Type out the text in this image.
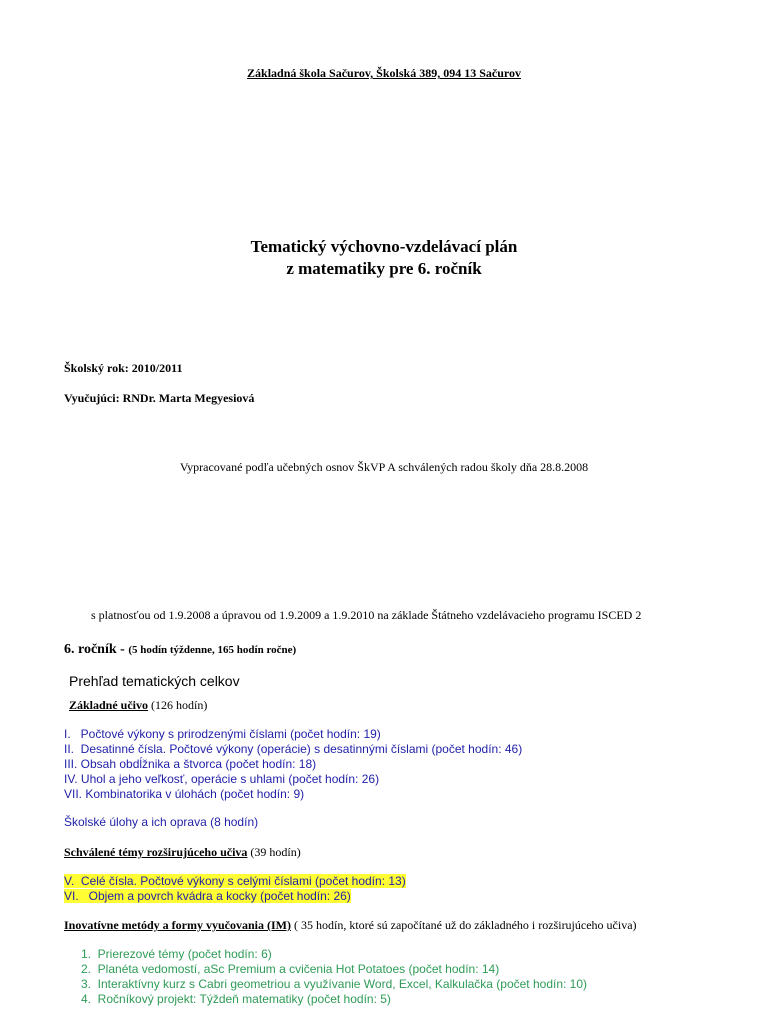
Základná škola Sačurov, Školská 389, 094 13 Sačurov
Tematický výchovno-vzdelávací plán
z matematiky pre 6. ročník
Školský rok: 2010/2011
Vyučujúci: RNDr. Marta Megyesiová
Vypracované podľa učebných osnov ŠkVP A schválených radou školy dňa 28.8.2008
s platnosťou od 1.9.2008 a úpravou od 1.9.2009 a 1.9.2010 na základe Štátneho vzdelávacieho programu ISCED 2
6. ročník - (5 hodín týždenne, 165 hodín ročne)
Prehľad tematických celkov
Základné učivo (126 hodín)
I.   Počtové výkony s prirodzenými číslami (počet hodín: 19)
II.  Desatinné čísla. Počtové výkony (operácie) s desatinnými číslami (počet hodín: 46)
III. Obsah obdĺžnika a štvorca (počet hodín: 18)
IV. Uhol a jeho veľkosť, operácie s uhlami (počet hodín: 26)
VII. Kombinatorika v úlohách (počet hodín: 9)
Školské úlohy a ich oprava (8 hodín)
Schválené témy rozširujúceho učiva (39 hodín)
V.  Celé čísla. Počtové výkony s celými číslami (počet hodín: 13)
VI.   Objem a povrch kvádra a kocky (počet hodín: 26)
Inovatívne metódy a formy vyučovania (IM) ( 35 hodín, ktoré sú započítané už do základného i rozširujúceho učiva)
1.  Prierezové témy (počet hodín: 6)
2.  Planéta vedomostí, aSc Premium a cvičenia Hot Potatoes (počet hodín: 14)
3.  Interaktívny kurz s Cabri geometriou a využívanie Word, Excel, Kalkulačka (počet hodín: 10)
4.  Ročníkový projekt: Týždeň matematiky (počet hodín: 5)
